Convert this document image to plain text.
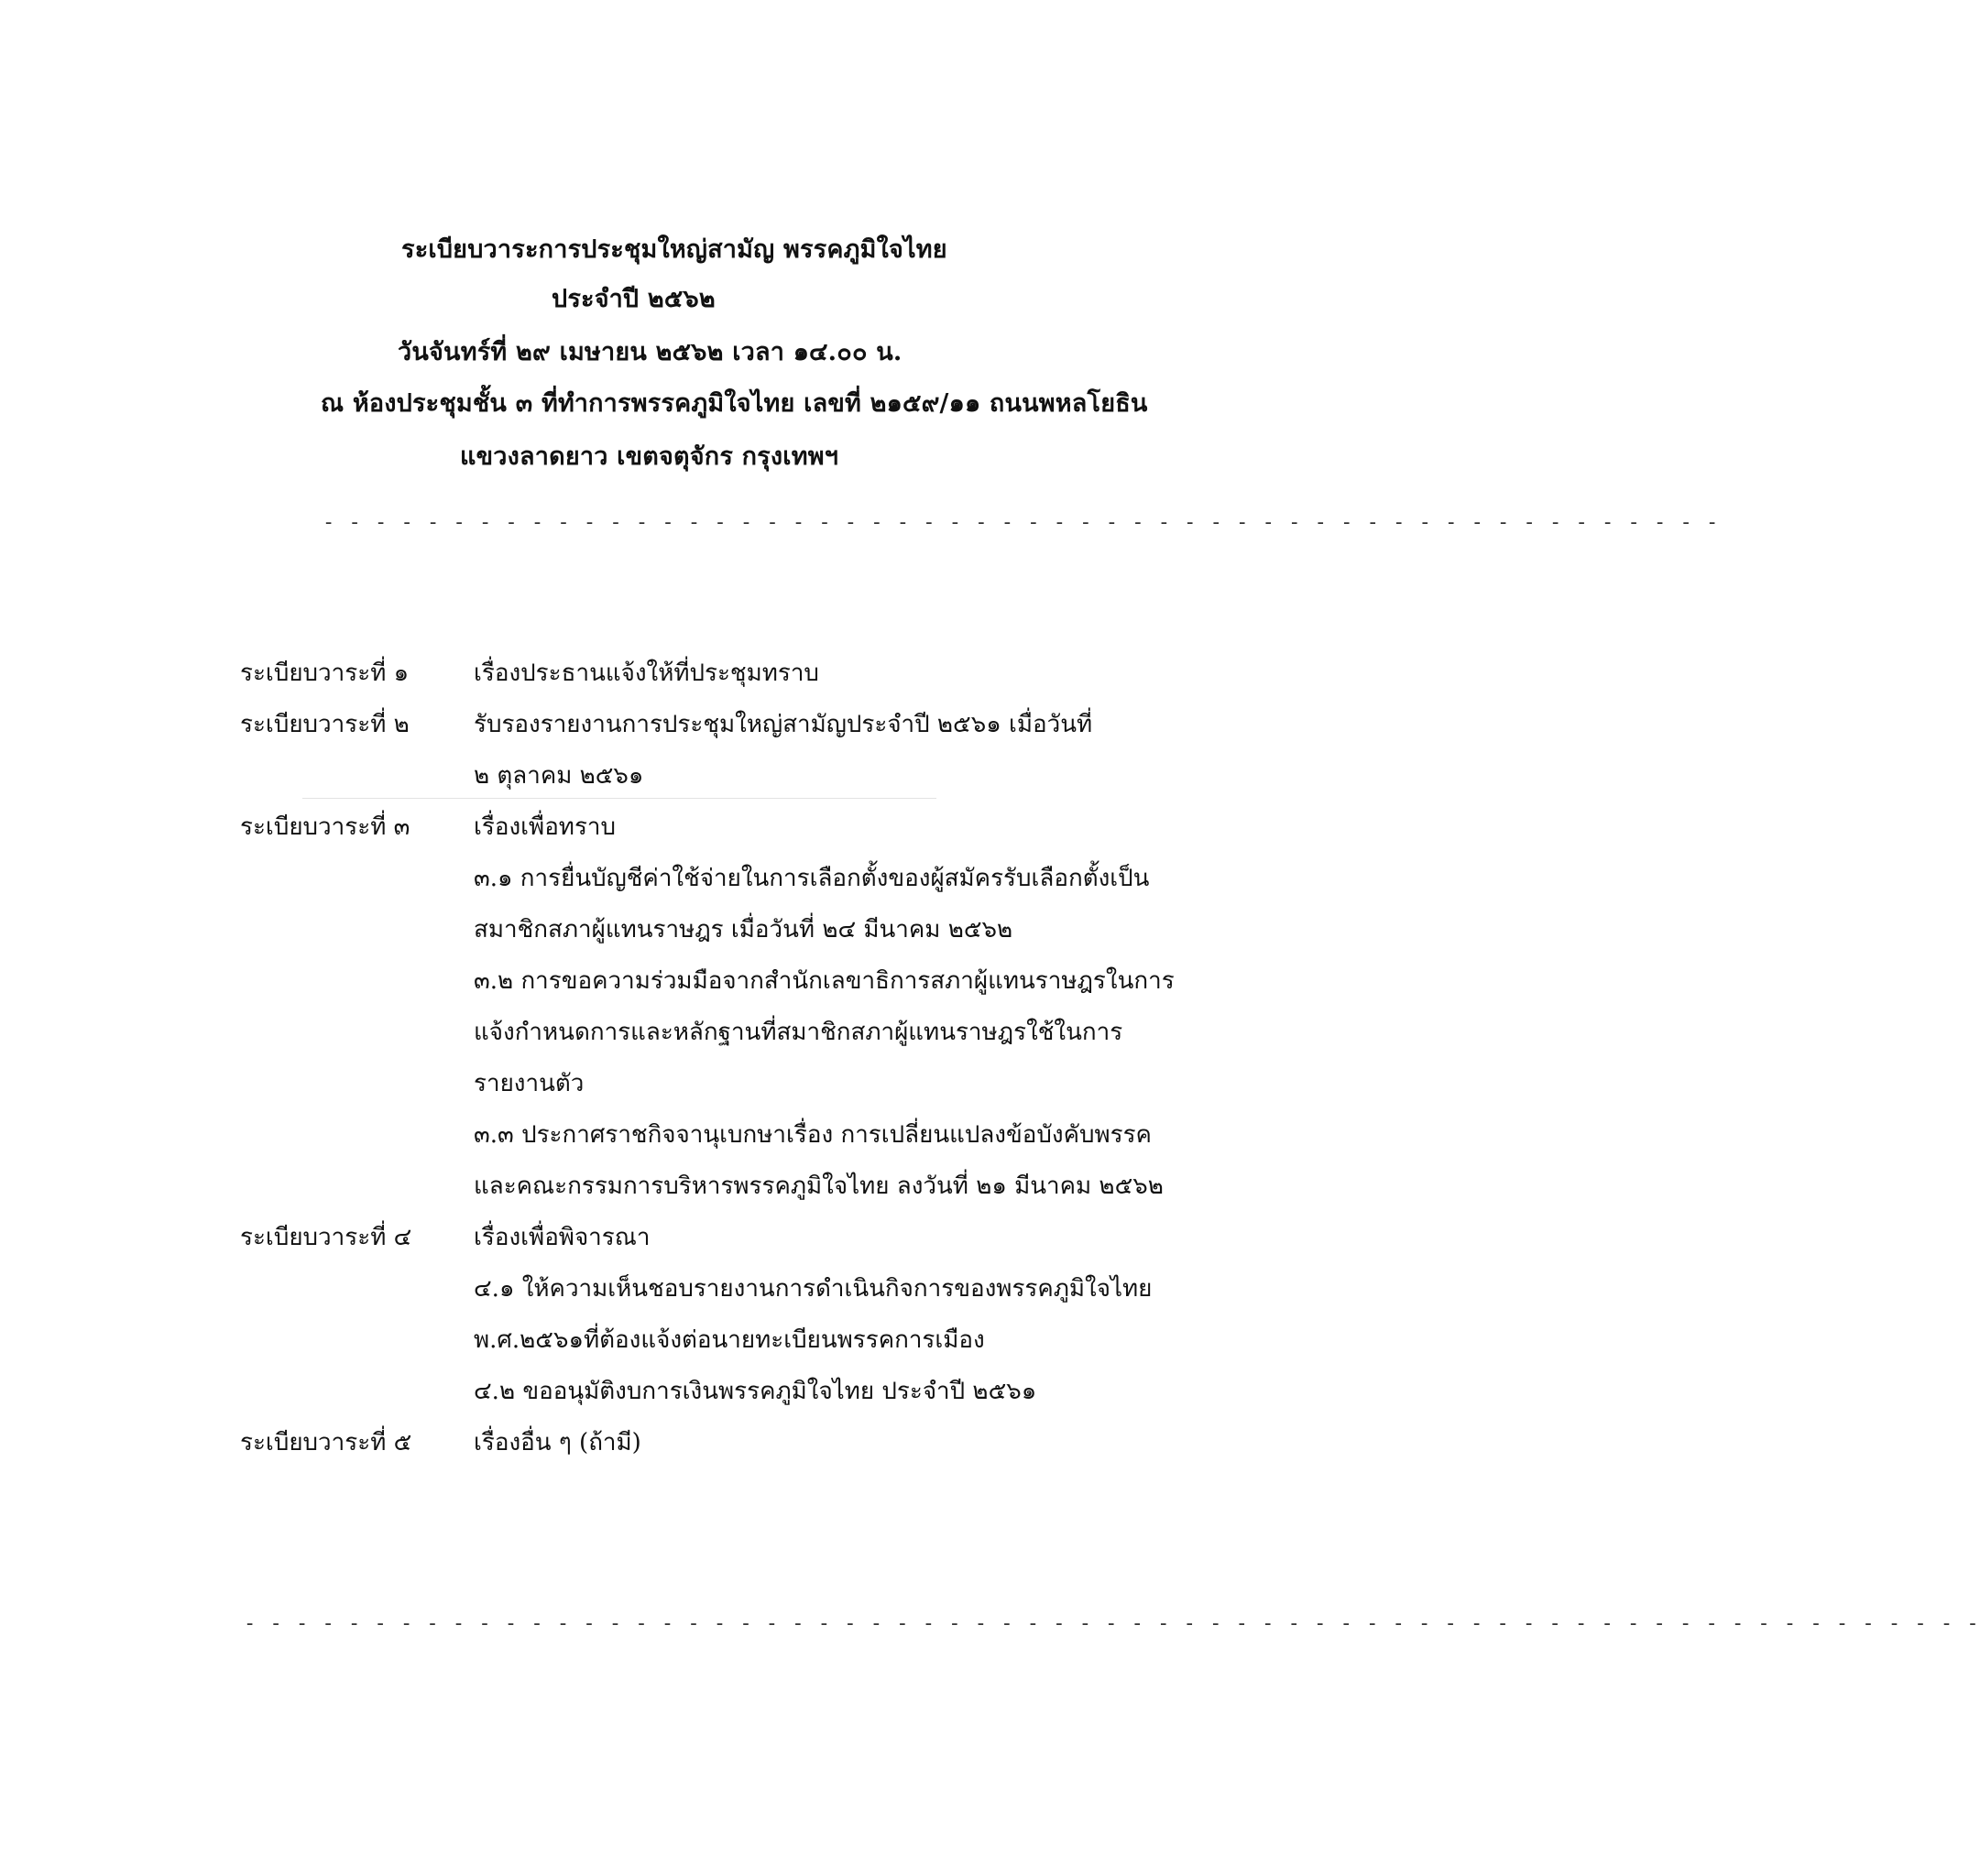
ระเบียบวาระการประชุมใหญ่สามัญ พรรคภูมิใจไทย
ประจำปี ๒๕๖๒
วันจันทร์ที่ ๒๙ เมษายน ๒๕๖๒ เวลา ๑๔.๐๐ น.
ณ ห้องประชุมชั้น ๓ ที่ทำการพรรคภูมิใจไทย เลขที่ ๒๑๕๙/๑๑ ถนนพหลโยธิน
แขวงลาดยาว เขตจตุจักร กรุงเทพฯ
- - - - - - - - - - - - - - - - - - - - - - - - - - - - - - - - - - - - - - - - - - - - - - - - - - - - - -
ระเบียบวาระที่ ๑	เรื่องประธานแจ้งให้ที่ประชุมทราบ
ระเบียบวาระที่ ๒	รับรองรายงานการประชุมใหญ่สามัญประจำปี ๒๕๖๑ เมื่อวันที่
๒ ตุลาคม ๒๕๖๑
ระเบียบวาระที่ ๓	เรื่องเพื่อทราบ
๓.๑ การยื่นบัญชีค่าใช้จ่ายในการเลือกตั้งของผู้สมัครรับเลือกตั้งเป็น
สมาชิกสภาผู้แทนราษฎร เมื่อวันที่ ๒๔ มีนาคม ๒๕๖๒
๓.๒ การขอความร่วมมือจากสำนักเลขาธิการสภาผู้แทนราษฎรในการ
แจ้งกำหนดการและหลักฐานที่สมาชิกสภาผู้แทนราษฎรใช้ในการ
รายงานตัว
๓.๓ ประกาศราชกิจจานุเบกษาเรื่อง การเปลี่ยนแปลงข้อบังคับพรรค
และคณะกรรมการบริหารพรรคภูมิใจไทย ลงวันที่ ๒๑ มีนาคม ๒๕๖๒
ระเบียบวาระที่ ๔	เรื่องเพื่อพิจารณา
๔.๑ ให้ความเห็นชอบรายงานการดำเนินกิจการของพรรคภูมิใจไทย
พ.ศ.๒๕๖๑ที่ต้องแจ้งต่อนายทะเบียนพรรคการเมือง
๔.๒ ขออนุมัติงบการเงินพรรคภูมิใจไทย ประจำปี ๒๕๖๑
ระเบียบวาระที่ ๕	เรื่องอื่น ๆ (ถ้ามี)
- - - - - - - - - - - - - - - - - - - - - - - - - - - - - - - - - - - - - - - - - - - - - - - - - - - - - - - - - - - - - - - - - - -
